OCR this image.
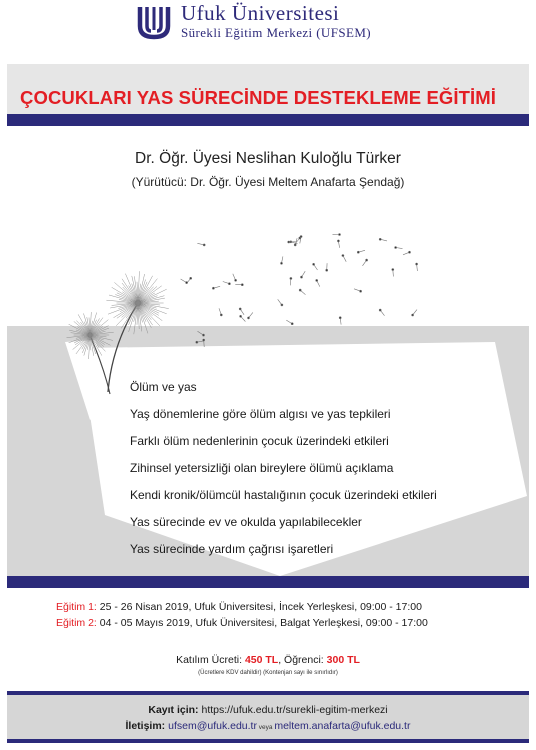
Ufuk Üniversitesi
Sürekli Eğitim Merkezi (UFSEM)
ÇOCUKLARI YAS SÜRECİNDE DESTEKLEME EĞİTİMİ
Dr. Öğr. Üyesi Neslihan Kuloğlu Türker
(Yürütücü: Dr. Öğr. Üyesi Meltem Anafarta Şendağ)
Ölüm ve yas
Yaş dönemlerine göre ölüm algısı ve yas tepkileri
Farklı ölüm nedenlerinin çocuk üzerindeki etkileri
Zihinsel yetersizliği olan bireylere ölümü açıklama
Kendi kronik/ölümcül hastalığının çocuk üzerindeki etkileri
Yas sürecinde ev ve okulda yapılabilecekler
Yas sürecinde yardım çağrısı işaretleri
Eğitim 1: 25 - 26 Nisan 2019, Ufuk Üniversitesi, İncek Yerleşkesi, 09:00 - 17:00
Eğitim 2: 04 - 05 Mayıs 2019, Ufuk Üniversitesi, Balgat Yerleşkesi, 09:00 - 17:00
Katılım Ücreti: 450 TL, Öğrenci: 300 TL
(Ücretlere KDV dahildir) (Kontenjan sayı ile sınırlıdır)
Kayıt için: https://ufuk.edu.tr/surekli-egitim-merkezi
İletişim: ufsem@ufuk.edu.tr veya meltem.anafarta@ufuk.edu.tr
